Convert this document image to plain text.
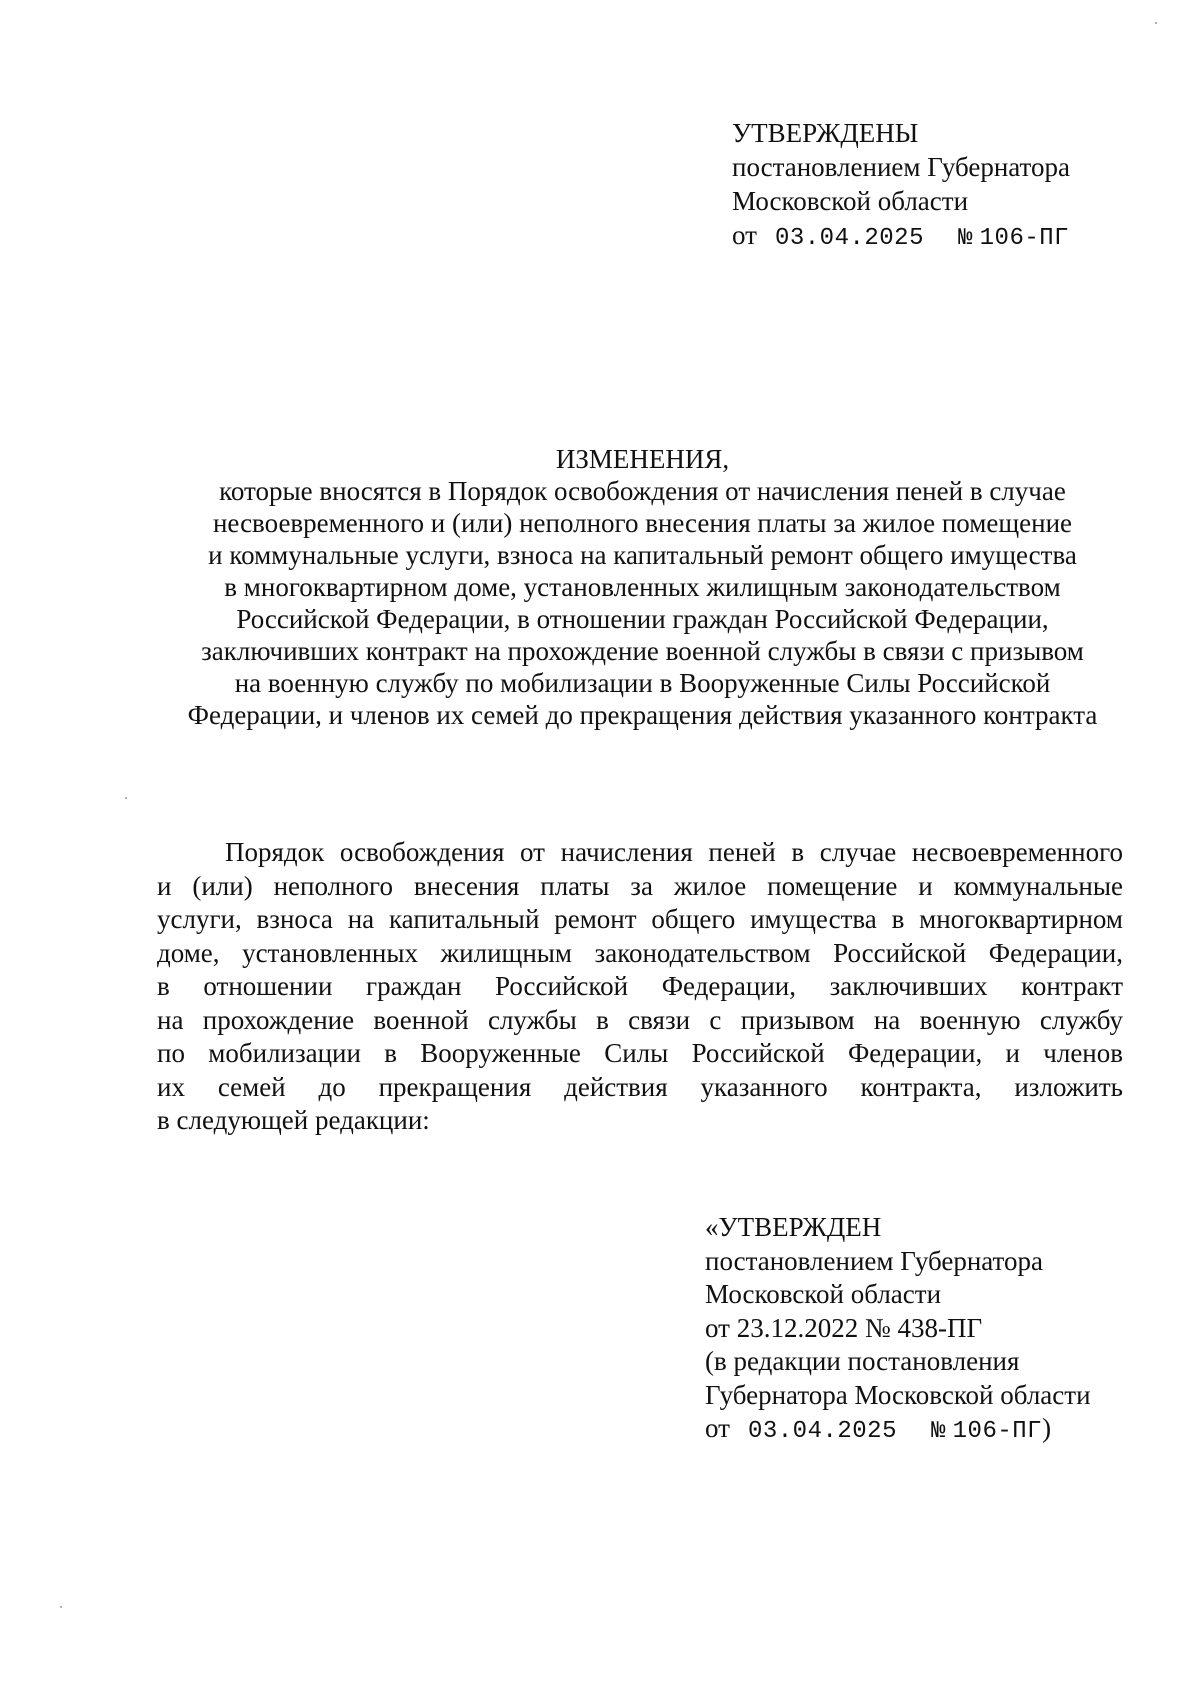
УТВЕРЖДЕНЫ
постановлением Губернатора
Московской области
от 03.04.2025 № 106-ПГ
ИЗМЕНЕНИЯ,
которые вносятся в Порядок освобождения от начисления пеней в случае
несвоевременного и (или) неполного внесения платы за жилое помещение
и коммунальные услуги, взноса на капитальный ремонт общего имущества
в многоквартирном доме, установленных жилищным законодательством
Российской Федерации, в отношении граждан Российской Федерации,
заключивших контракт на прохождение военной службы в связи с призывом
на военную службу по мобилизации в Вооруженные Силы Российской
Федерации, и членов их семей до прекращения действия указанного контракта
Порядок освобождения от начисления пеней в случае несвоевременного
и (или) неполного внесения платы за жилое помещение и коммунальные
услуги, взноса на капитальный ремонт общего имущества в многоквартирном
доме, установленных жилищным законодательством Российской Федерации,
в отношении граждан Российской Федерации, заключивших контракт
на прохождение военной службы в связи с призывом на военную службу
по мобилизации в Вооруженные Силы Российской Федерации, и членов
их семей до прекращения действия указанного контракта, изложить
в следующей редакции:
«УТВЕРЖДЕН
постановлением Губернатора
Московской области
от 23.12.2022 № 438-ПГ
(в редакции постановления
Губернатора Московской области
от 03.04.2025 № 106-ПГ)
